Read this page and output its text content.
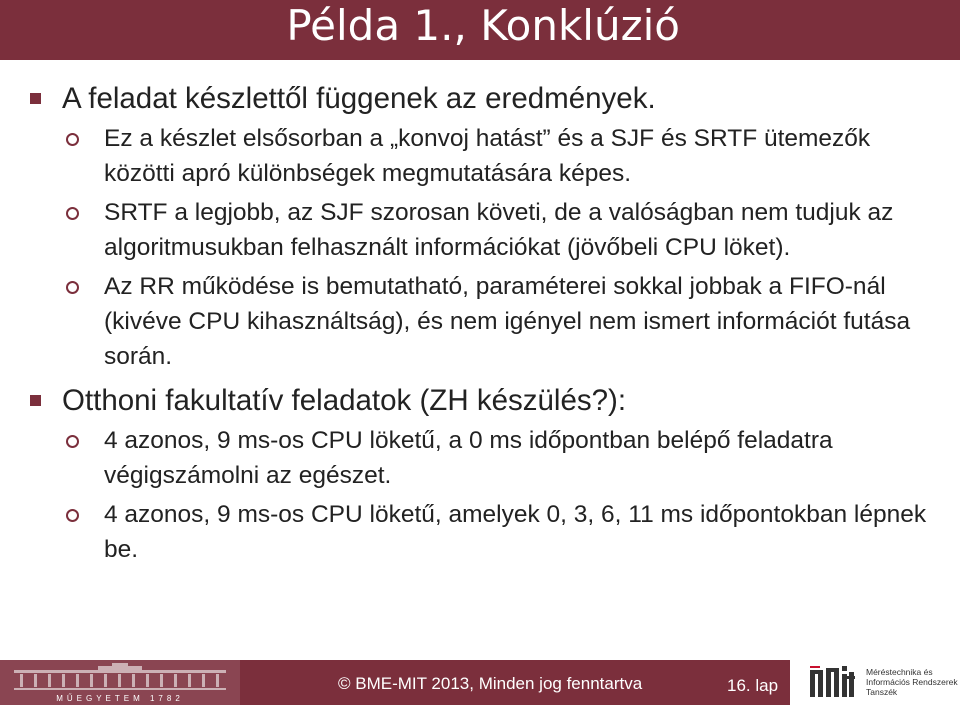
Példa 1., Konklúzió
A feladat készlettől függenek az eredmények.
Ez a készlet elsősorban a „konvoj hatást” és a SJF és SRTF ütemezők közötti apró különbségek megmutatására képes.
SRTF a legjobb, az SJF szorosan követi, de a valóságban nem tudjuk az algoritmusukban felhasznált információkat (jövőbeli CPU löket).
Az RR működése is bemutatható, paraméterei sokkal jobbak a FIFO-nál (kivéve CPU kihasználtság), és nem igényel nem ismert információt futása során.
Otthoni fakultatív feladatok (ZH készülés?):
4 azonos, 9 ms-os CPU löketű, a 0 ms időpontban belépő feladatra végigszámolni az egészet.
4 azonos, 9 ms-os CPU löketű, amelyek 0, 3, 6, 11 ms időpontokban lépnek be.
MŰEGYETEM 1782
© BME-MIT 2013, Minden jog fenntartva	16. lap
Méréstechnika és
Információs Rendszerek
Tanszék
